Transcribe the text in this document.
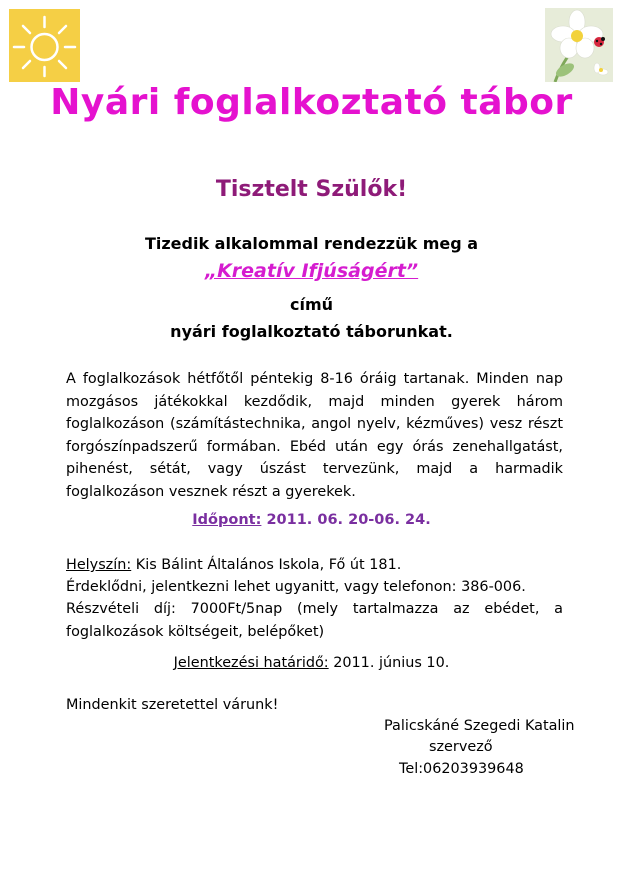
Nyári foglalkoztató tábor
Tisztelt Szülők!
Tizedik alkalommal rendezzük meg a
„Kreatív Ifjúságért”
című
nyári foglalkoztató táborunkat.
A foglalkozások hétfőtől péntekig 8-16 óráig tartanak. Minden nap mozgásos játékokkal kezdődik, majd minden gyerek három foglalkozáson (számítástechnika, angol nyelv, kézműves) vesz részt forgószínpadszerű formában. Ebéd után egy órás zenehallgatást, pihenést, sétát, vagy úszást tervezünk, majd a harmadik foglalkozáson vesznek részt a gyerekek.
Időpont: 2011. 06. 20-06. 24.
Helyszín: Kis Bálint Általános Iskola, Fő út 181.
Érdeklődni, jelentkezni lehet ugyanitt, vagy telefonon: 386-006.
Részvételi díj: 7000Ft/5nap (mely tartalmazza az ebédet, a foglalkozások költségeit, belépőket)
Jelentkezési határidő: 2011. június 10.
Mindenkit szeretettel várunk!
Palicskáné Szegedi Katalin
szervező
Tel:06203939648
